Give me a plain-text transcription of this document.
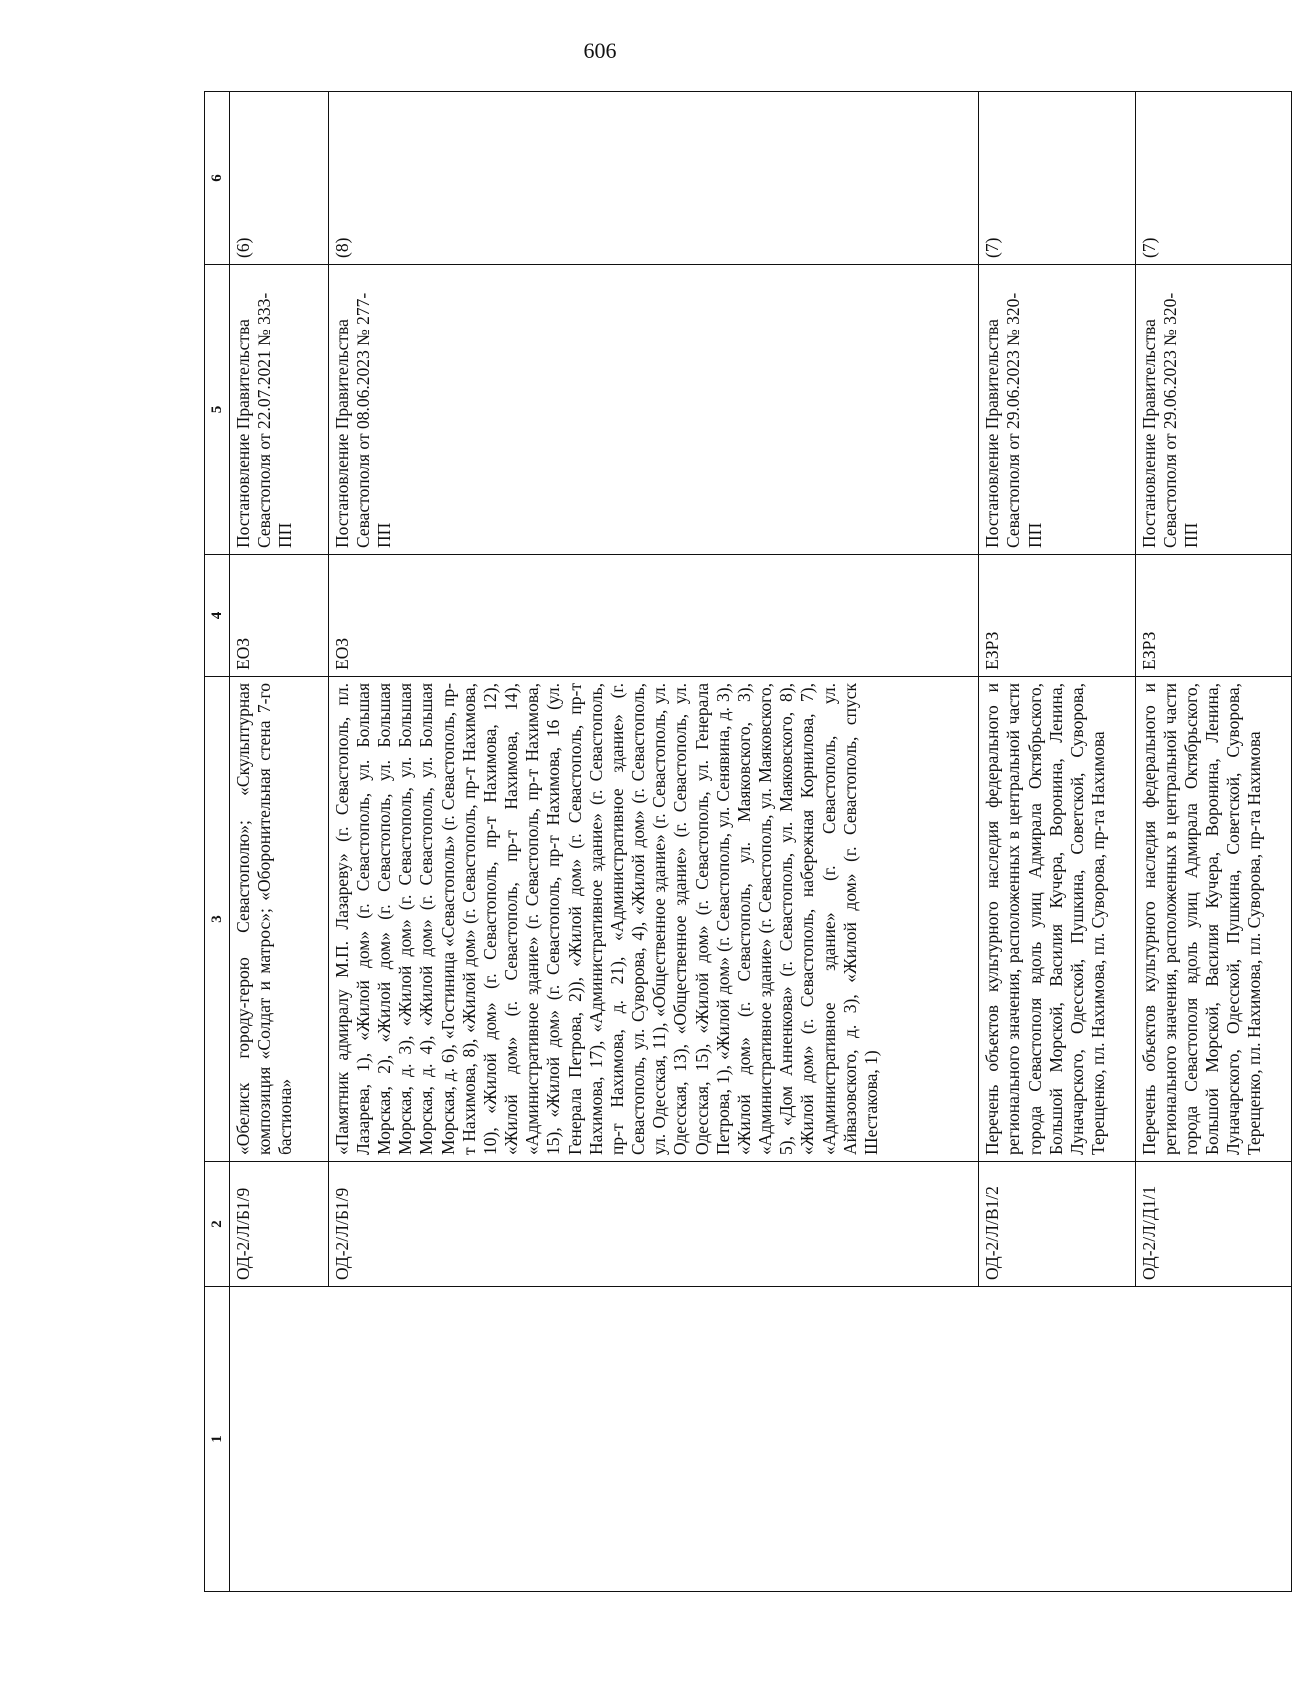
606
1	2	3	4	5	6
	ОД-2/Л/Б1/9	«Обелиск городу-герою Севастополю»; «Скульптурная композиция «Солдат и матрос»; «Оборонительная стена 7-го бастиона»	ЕОЗ	Постановление Правительства Севастополя от 22.07.2021 № 333-ПП	(6)
	ОД-2/Л/Б1/9	«Памятник адмиралу М.П. Лазареву» (г. Севастополь, пл. Лазарева, 1), «Жилой дом» (г. Севастополь, ул. Большая Морская, 2), «Жилой дом» (г. Севастополь, ул. Большая Морская, д. 3), «Жилой дом» (г. Севастополь, ул. Большая Морская, д. 4), «Жилой дом» (г. Севастополь, ул. Большая Морская, д. 6), «Гостиница «Севастополь» (г. Севастополь, пр-т Нахимова, 8), «Жилой дом» (г. Севастополь, пр-т Нахимова, 10), «Жилой дом» (г. Севастополь, пр-т Нахимова, 12), «Жилой дом» (г. Севастополь, пр-т Нахимова, 14), «Административное здание» (г. Севастополь, пр-т Нахимова, 15), «Жилой дом» (г. Севастополь, пр-т Нахимова, 16 (ул. Генерала Петрова, 2)), «Жилой дом» (г. Севастополь, пр-т Нахимова, 17), «Административное здание» (г. Севастополь, пр-т Нахимова, д. 21), «Административное здание» (г. Севастополь, ул. Суворова, 4), «Жилой дом» (г. Севастополь, ул. Одесская, 11), «Общественное здание» (г. Севастополь, ул. Одесская, 13), «Общественное здание» (г. Севастополь, ул. Одесская, 15), «Жилой дом» (г. Севастополь, ул. Генерала Петрова, 1), «Жилой дом» (г. Севастополь, ул. Сенявина, д. 3), «Жилой дом» (г. Севастополь, ул. Маяковского, 3), «Административное здание» (г. Севастополь, ул. Маяковского, 5), «Дом Анненкова» (г. Севастополь, ул. Маяковского, 8), «Жилой дом» (г. Севастополь, набережная Корнилова, 7), «Административное здание» (г. Севастополь, ул. Айвазовского, д. 3), «Жилой дом» (г. Севастополь, спуск Шестакова, 1)	ЕОЗ	Постановление Правительства Севастополя от 08.06.2023 № 277-ПП	(8)
	ОД-2/Л/В1/2	Перечень объектов культурного наследия федерального и регионального значения, расположенных в центральной части города Севастополя вдоль улиц Адмирала Октябрьского, Большой Морской, Василия Кучера, Воронина, Ленина, Луначарского, Одесской, Пушкина, Советской, Суворова, Терещенко, пл. Нахимова, пл. Суворова, пр-та Нахимова	ЕЗРЗ	Постановление Правительства Севастополя от 29.06.2023 № 320-ПП	(7)
	ОД-2/Л/Д1/1	Перечень объектов культурного наследия федерального и регионального значения, расположенных в центральной части города Севастополя вдоль улиц Адмирала Октябрьского, Большой Морской, Василия Кучера, Воронина, Ленина, Луначарского, Одесской, Пушкина, Советской, Суворова, Терещенко, пл. Нахимова, пл. Суворова, пр-та Нахимова	ЕЗРЗ	Постановление Правительства Севастополя от 29.06.2023 № 320-ПП	(7)
